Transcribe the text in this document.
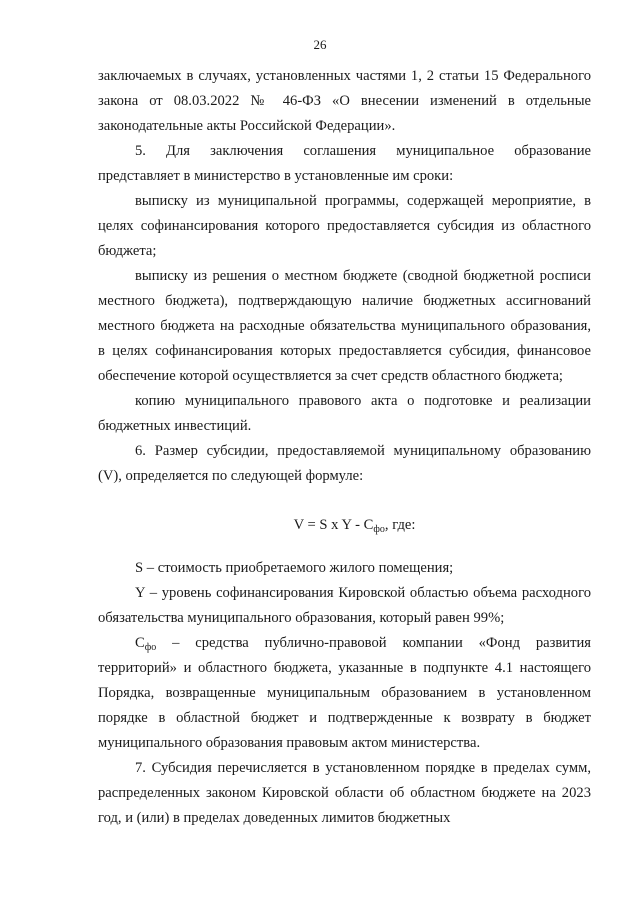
26

заключаемых в случаях, установленных частями 1, 2 статьи 15 Федерального закона от 08.03.2022 № 46-ФЗ «О внесении изменений в отдельные законодательные акты Российской Федерации».

5. Для заключения соглашения муниципальное образование представляет в министерство в установленные им сроки:

выписку из муниципальной программы, содержащей мероприятие, в целях софинансирования которого предоставляется субсидия из областного бюджета;

выписку из решения о местном бюджете (сводной бюджетной росписи местного бюджета), подтверждающую наличие бюджетных ассигнований местного бюджета на расходные обязательства муниципального образования, в целях софинансирования которых предоставляется субсидия, финансовое обеспечение которой осуществляется за счет средств областного бюджета;

копию муниципального правового акта о подготовке и реализации бюджетных инвестиций.

6. Размер субсидии, предоставляемой муниципальному образованию (V), определяется по следующей формуле:

V = S x Y - $C_{фо}$, где:

S – стоимость приобретаемого жилого помещения;

Y – уровень софинансирования Кировской областью объема расходного обязательства муниципального образования, который равен 99%;

$С_{фо}$ – средства публично-правовой компании «Фонд развития территорий» и областного бюджета, указанные в подпункте 4.1 настоящего Порядка, возвращенные муниципальным образованием в установленном порядке в областной бюджет и подтвержденные к возврату в бюджет муниципального образования правовым актом министерства.

7. Субсидия перечисляется в установленном порядке в пределах сумм, распределенных законом Кировской области об областном бюджете на 2023 год, и (или) в пределах доведенных лимитов бюджетных
